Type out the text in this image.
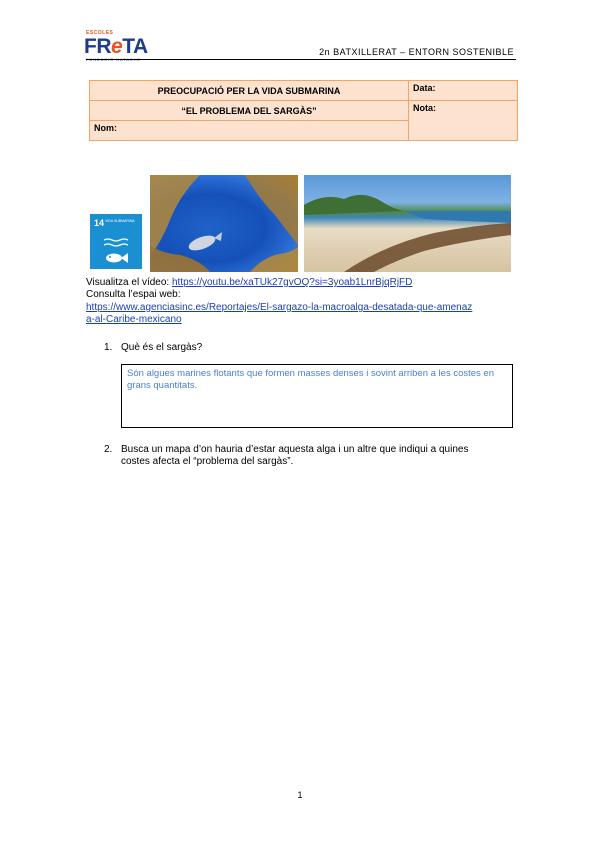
ESCOLES
FReTA	2n BATXILLERAT – ENTORN SOSTENIBLE
PREOCUPACIÓ PER LA VIDA SUBMARINA	Data:
“EL PROBLEMA DEL SARGÀS”	Nota:
Nom:	
14 VIDA SUBMARINA
Visualitza el vídeo: https://youtu.be/xaTUk27gvOQ?si=3yoab1LnrBjqRjFD
Consulta l’espai web:
https://www.agenciasinc.es/Reportajes/El-sargazo-la-macroalga-desatada-que-amenaz
a-al-Caribe-mexicano
1. Què és el sargàs?
Són algues marines flotants que formen masses denses i sovint arriben a les costes en grans quantitats.
2. Busca un mapa d’on hauria d’estar aquesta alga i un altre que indiqui a quines
costes afecta el “problema del sargàs”.
1
